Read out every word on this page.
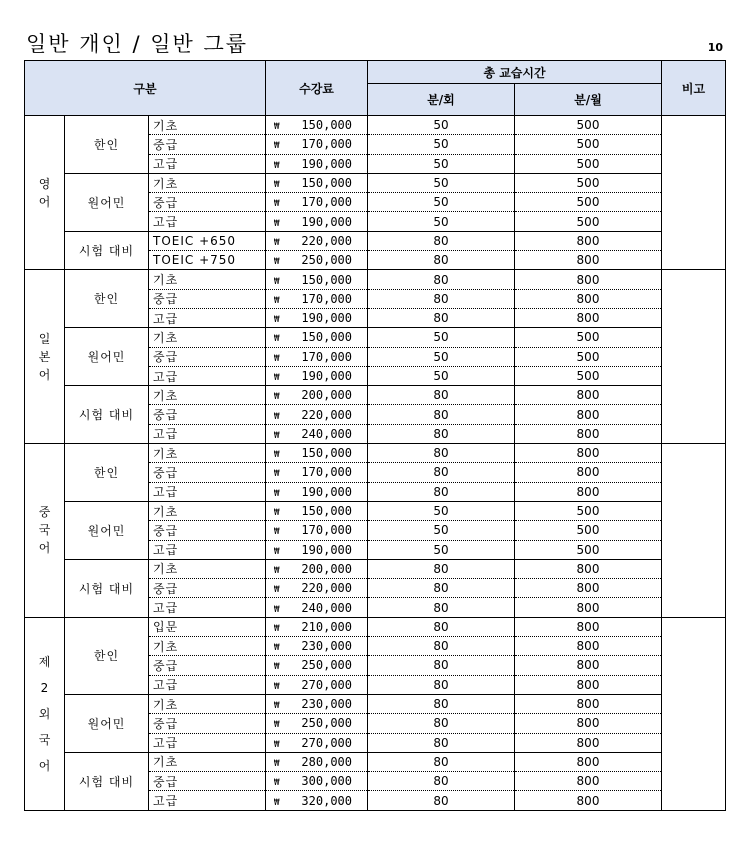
일반 개인 / 일반 그룹	10
구분			수강료	총 교습시간		비고
				분/회	분/월	

영
어	한인	기초	₩ 150,000	50	500	
		중급	₩ 170,000	50	500	
		고급	₩ 190,000	50	500	
	원어민	기초	₩ 150,000	50	500	
		중급	₩ 170,000	50	500	
		고급	₩ 190,000	50	500	
	시험 대비	TOEIC +650	₩ 220,000	80	800	
		TOEIC +750	₩ 250,000	80	800	

일
본
어	한인	기초	₩ 150,000	80	800	
		중급	₩ 170,000	80	800	
		고급	₩ 190,000	80	800	
	원어민	기초	₩ 150,000	50	500	
		중급	₩ 170,000	50	500	
		고급	₩ 190,000	50	500	
	시험 대비	기초	₩ 200,000	80	800	
		중급	₩ 220,000	80	800	
		고급	₩ 240,000	80	800	

중
국
어	한인	기초	₩ 150,000	80	800	
		중급	₩ 170,000	80	800	
		고급	₩ 190,000	80	800	
	원어민	기초	₩ 150,000	50	500	
		중급	₩ 170,000	50	500	
		고급	₩ 190,000	50	500	
	시험 대비	기초	₩ 200,000	80	800	
		중급	₩ 220,000	80	800	
		고급	₩ 240,000	80	800	

제
2
외
국
어	한인	입문	₩ 210,000	80	800	
		기초	₩ 230,000	80	800	
		중급	₩ 250,000	80	800	
		고급	₩ 270,000	80	800	
	원어민	기초	₩ 230,000	80	800	
		중급	₩ 250,000	80	800	
		고급	₩ 270,000	80	800	
	시험 대비	기초	₩ 280,000	80	800	
		중급	₩ 300,000	80	800	
		고급	₩ 320,000	80	800	
